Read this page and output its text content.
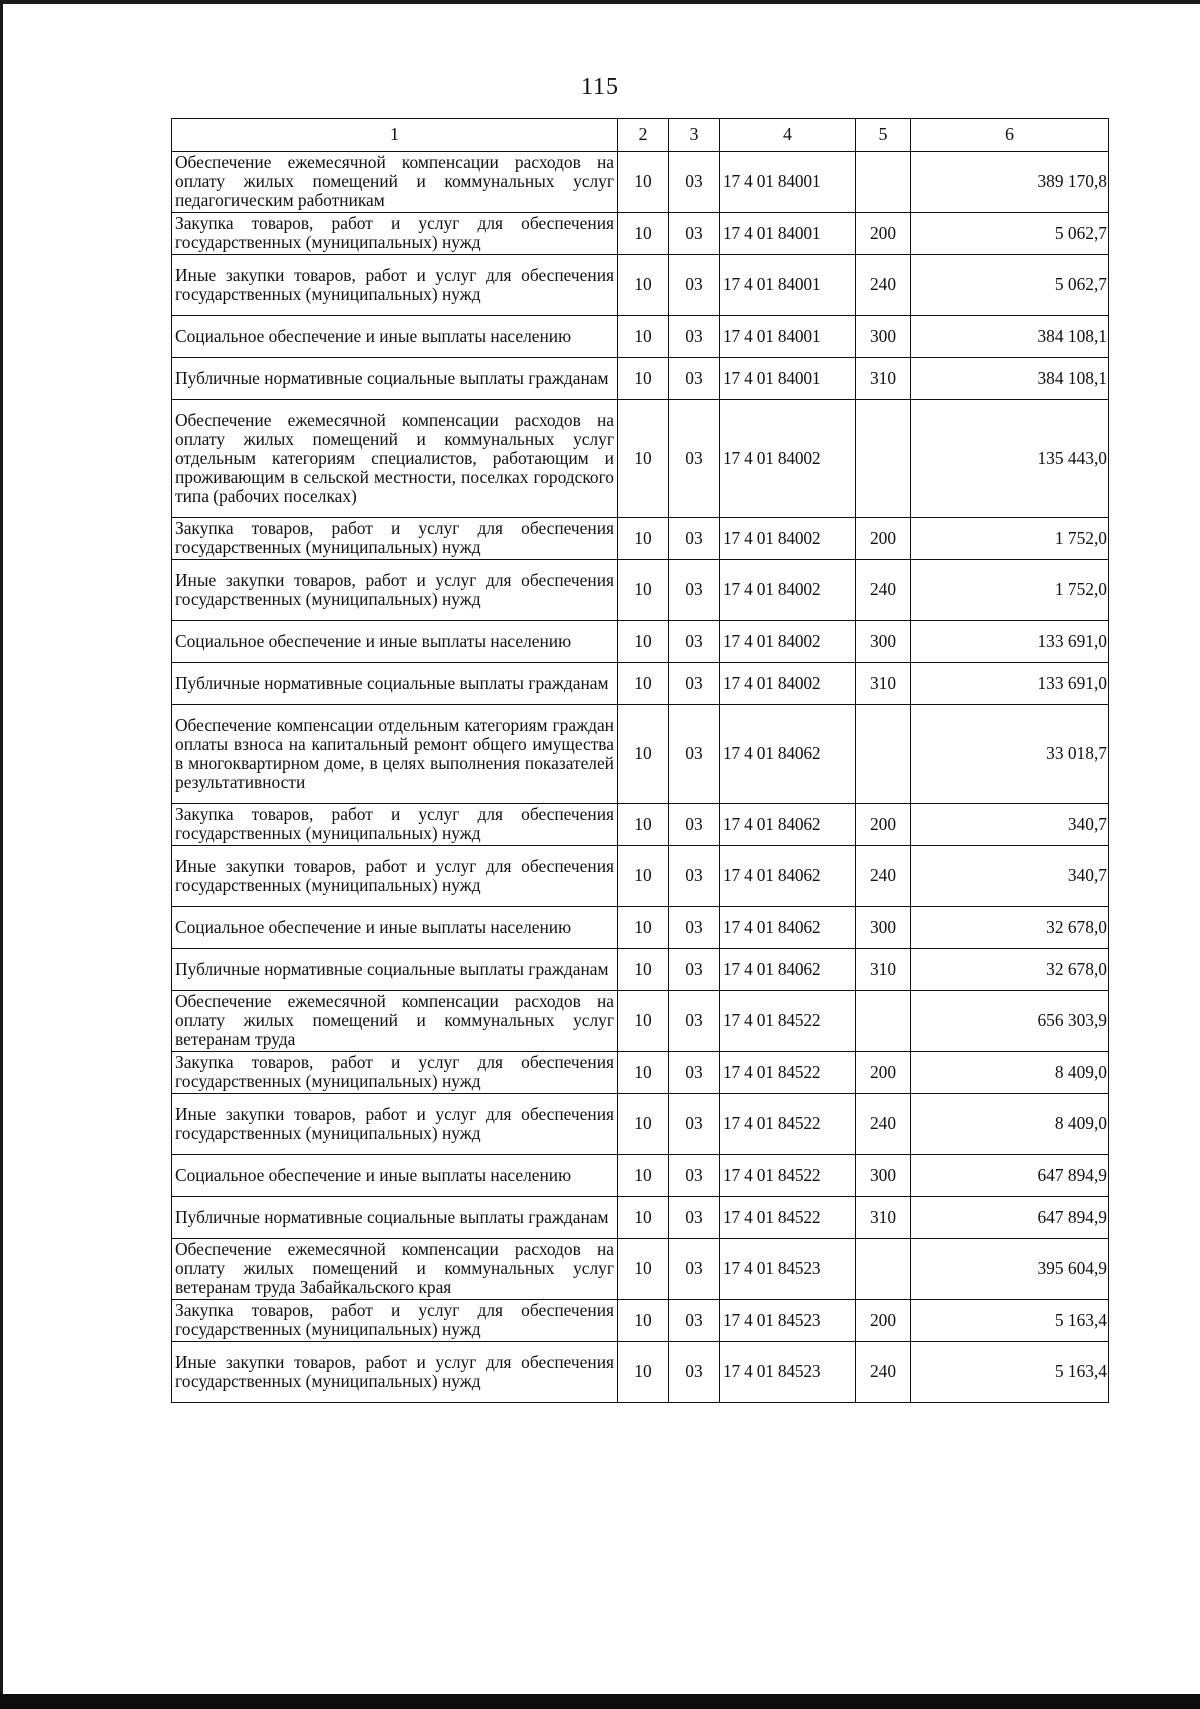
115
1	2	3	4	5	6
Обеспечение ежемесячной компенсации расходов на оплату жилых помещений и коммунальных услуг педагогическим работникам	10	03	17 4 01 84001		389 170,8
Закупка товаров, работ и услуг для обеспечения государственных (муниципальных) нужд	10	03	17 4 01 84001	200	5 062,7
Иные закупки товаров, работ и услуг для обеспечения государственных (муниципальных) нужд	10	03	17 4 01 84001	240	5 062,7
Социальное обеспечение и иные выплаты населению	10	03	17 4 01 84001	300	384 108,1
Публичные нормативные социальные выплаты гражданам	10	03	17 4 01 84001	310	384 108,1
Обеспечение ежемесячной компенсации расходов на оплату жилых помещений и коммунальных услуг отдельным категориям специалистов, работающим и проживающим в сельской местности, поселках городского типа (рабочих поселках)	10	03	17 4 01 84002		135 443,0
Закупка товаров, работ и услуг для обеспечения государственных (муниципальных) нужд	10	03	17 4 01 84002	200	1 752,0
Иные закупки товаров, работ и услуг для обеспечения государственных (муниципальных) нужд	10	03	17 4 01 84002	240	1 752,0
Социальное обеспечение и иные выплаты населению	10	03	17 4 01 84002	300	133 691,0
Публичные нормативные социальные выплаты гражданам	10	03	17 4 01 84002	310	133 691,0
Обеспечение компенсации отдельным категориям граждан оплаты взноса на капитальный ремонт общего имущества в многоквартирном доме, в целях выполнения показателей результативности	10	03	17 4 01 84062		33 018,7
Закупка товаров, работ и услуг для обеспечения государственных (муниципальных) нужд	10	03	17 4 01 84062	200	340,7
Иные закупки товаров, работ и услуг для обеспечения государственных (муниципальных) нужд	10	03	17 4 01 84062	240	340,7
Социальное обеспечение и иные выплаты населению	10	03	17 4 01 84062	300	32 678,0
Публичные нормативные социальные выплаты гражданам	10	03	17 4 01 84062	310	32 678,0
Обеспечение ежемесячной компенсации расходов на оплату жилых помещений и коммунальных услуг ветеранам труда	10	03	17 4 01 84522		656 303,9
Закупка товаров, работ и услуг для обеспечения государственных (муниципальных) нужд	10	03	17 4 01 84522	200	8 409,0
Иные закупки товаров, работ и услуг для обеспечения государственных (муниципальных) нужд	10	03	17 4 01 84522	240	8 409,0
Социальное обеспечение и иные выплаты населению	10	03	17 4 01 84522	300	647 894,9
Публичные нормативные социальные выплаты гражданам	10	03	17 4 01 84522	310	647 894,9
Обеспечение ежемесячной компенсации расходов на оплату жилых помещений и коммунальных услуг ветеранам труда Забайкальского края	10	03	17 4 01 84523		395 604,9
Закупка товаров, работ и услуг для обеспечения государственных (муниципальных) нужд	10	03	17 4 01 84523	200	5 163,4
Иные закупки товаров, работ и услуг для обеспечения государственных (муниципальных) нужд	10	03	17 4 01 84523	240	5 163,4
